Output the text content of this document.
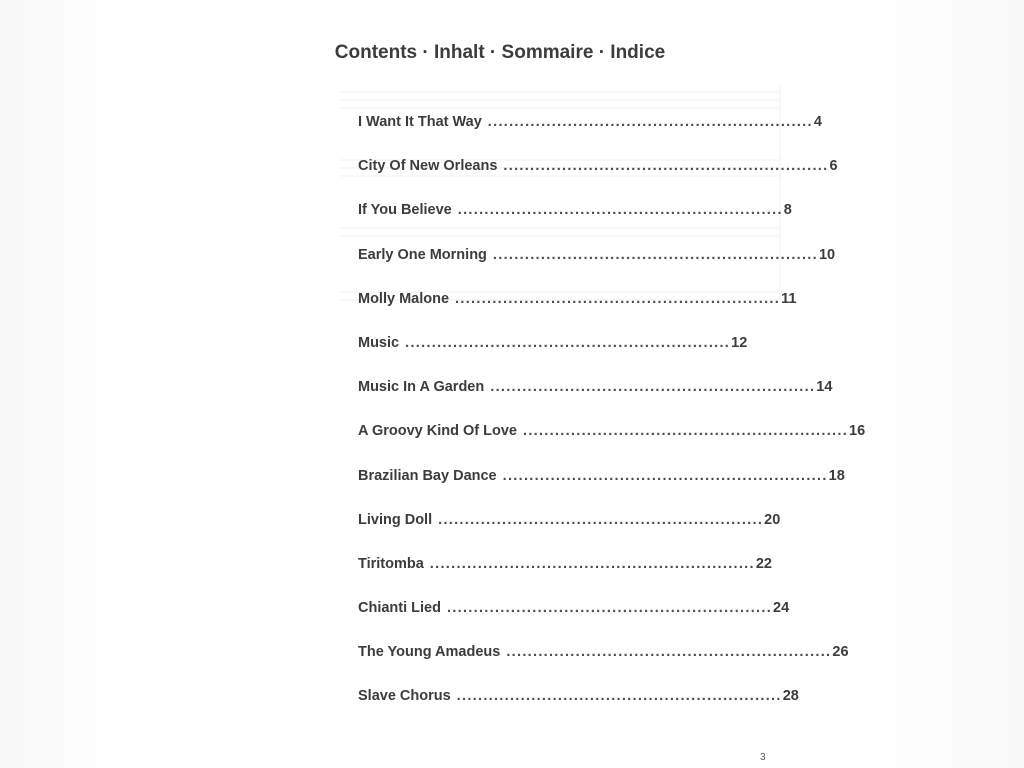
Contents · Inhalt · Sommaire · Indice
I Want It That Way ............................................................. 4
City Of New Orleans ............................................................. 6
If You Believe ............................................................. 8
Early One Morning ............................................................. 10
Molly Malone ............................................................. 11
Music ............................................................. 12
Music In A Garden ............................................................. 14
A Groovy Kind Of Love ............................................................. 16
Brazilian Bay Dance ............................................................. 18
Living Doll ............................................................. 20
Tiritomba ............................................................. 22
Chianti Lied ............................................................. 24
The Young Amadeus ............................................................. 26
Slave Chorus ............................................................. 28
3
